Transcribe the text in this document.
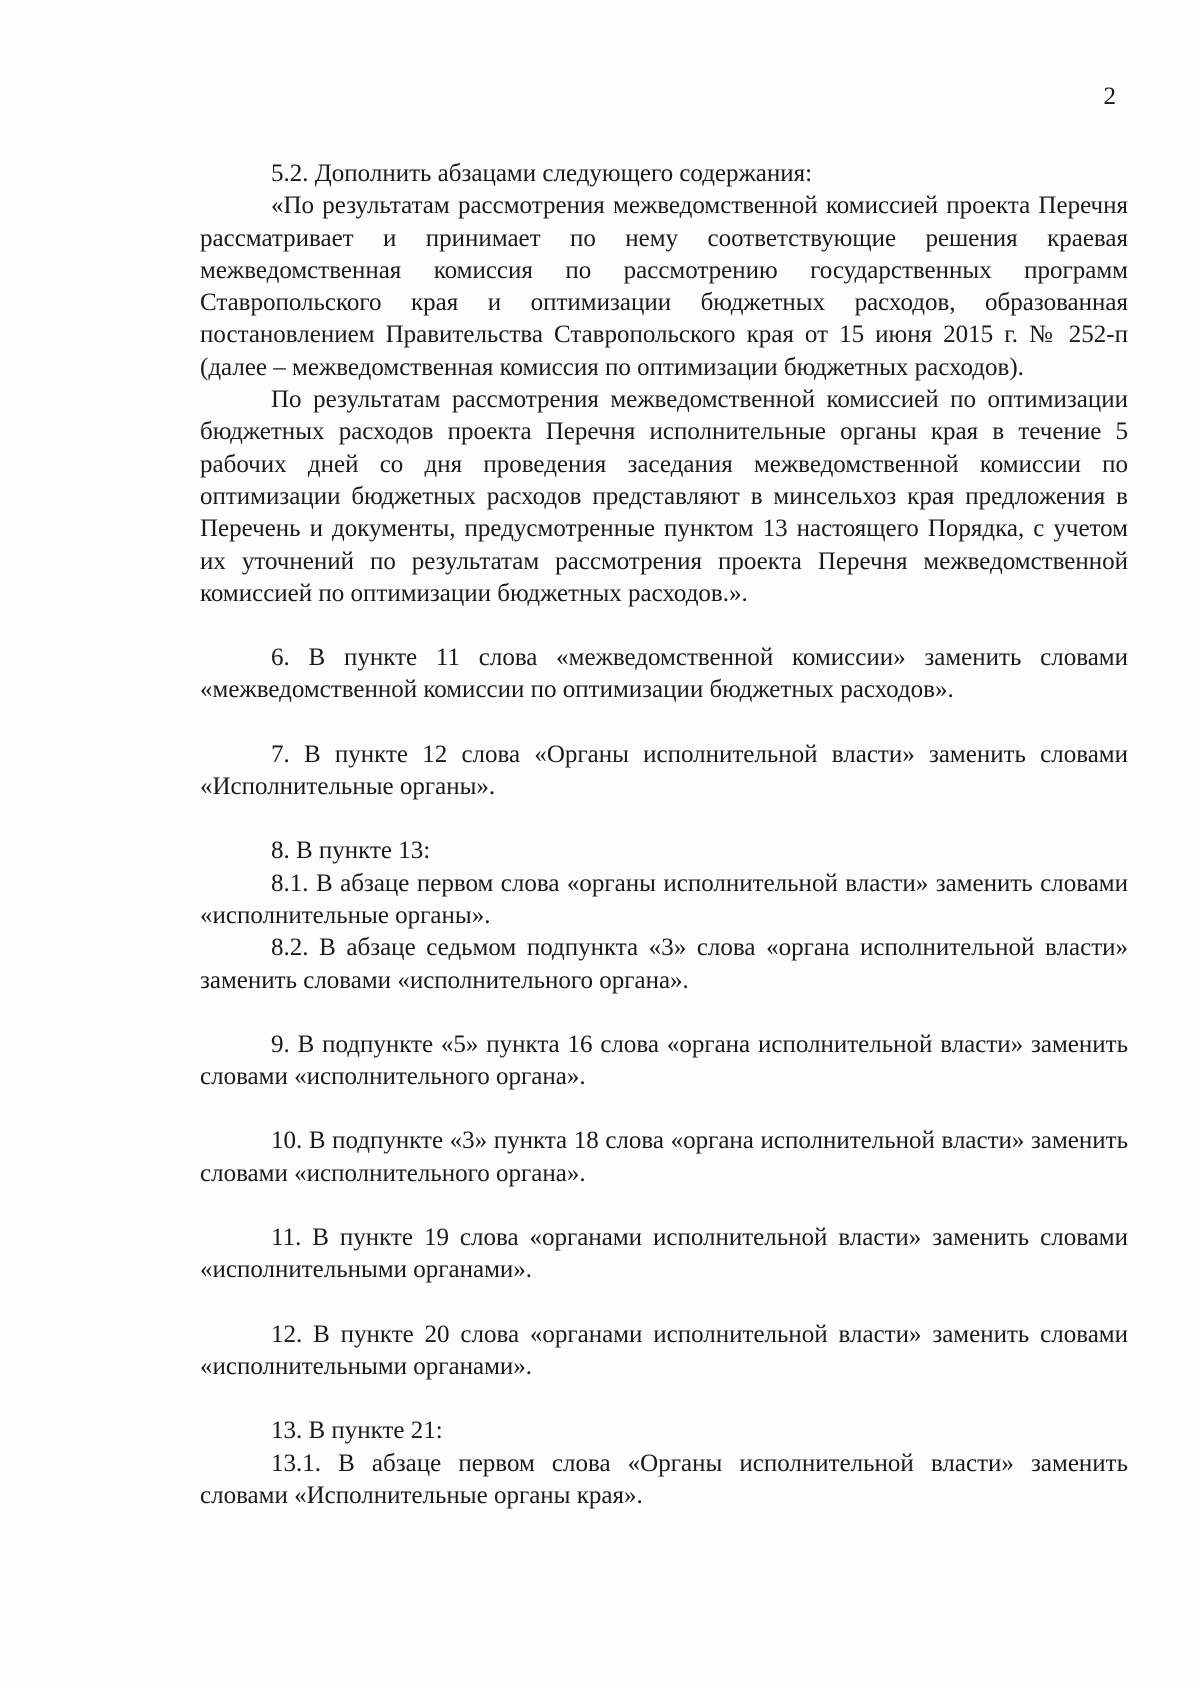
2

5.2. Дополнить абзацами следующего содержания:

«По результатам рассмотрения межведомственной комиссией проекта Перечня рассматривает и принимает по нему соответствующие решения краевая межведомственная комиссия по рассмотрению государственных программ Ставропольского края и оптимизации бюджетных расходов, образованная постановлением Правительства Ставропольского края от 15 июня 2015 г. № 252-п (далее – межведомственная комиссия по оптимизации бюджетных расходов).

По результатам рассмотрения межведомственной комиссией по оптимизации бюджетных расходов проекта Перечня исполнительные органы края в течение 5 рабочих дней со дня проведения заседания межведомственной комиссии по оптимизации бюджетных расходов представляют в минсельхоз края предложения в Перечень и документы, предусмотренные пунктом 13 настоящего Порядка, с учетом их уточнений по результатам рассмотрения проекта Перечня межведомственной комиссией по оптимизации бюджетных расходов.».

6. В пункте 11 слова «межведомственной комиссии» заменить словами «межведомственной комиссии по оптимизации бюджетных расходов».

7. В пункте 12 слова «Органы исполнительной власти» заменить словами «Исполнительные органы».

8. В пункте 13:

8.1. В абзаце первом слова «органы исполнительной власти» заменить словами «исполнительные органы».

8.2. В абзаце седьмом подпункта «3» слова «органа исполнительной власти» заменить словами «исполнительного органа».

9. В подпункте «5» пункта 16 слова «органа исполнительной власти» заменить словами «исполнительного органа».

10. В подпункте «3» пункта 18 слова «органа исполнительной власти» заменить словами «исполнительного органа».

11. В пункте 19 слова «органами исполнительной власти» заменить словами «исполнительными органами».

12. В пункте 20 слова «органами исполнительной власти» заменить словами «исполнительными органами».

13. В пункте 21:

13.1. В абзаце первом слова «Органы исполнительной власти» заменить словами «Исполнительные органы края».
